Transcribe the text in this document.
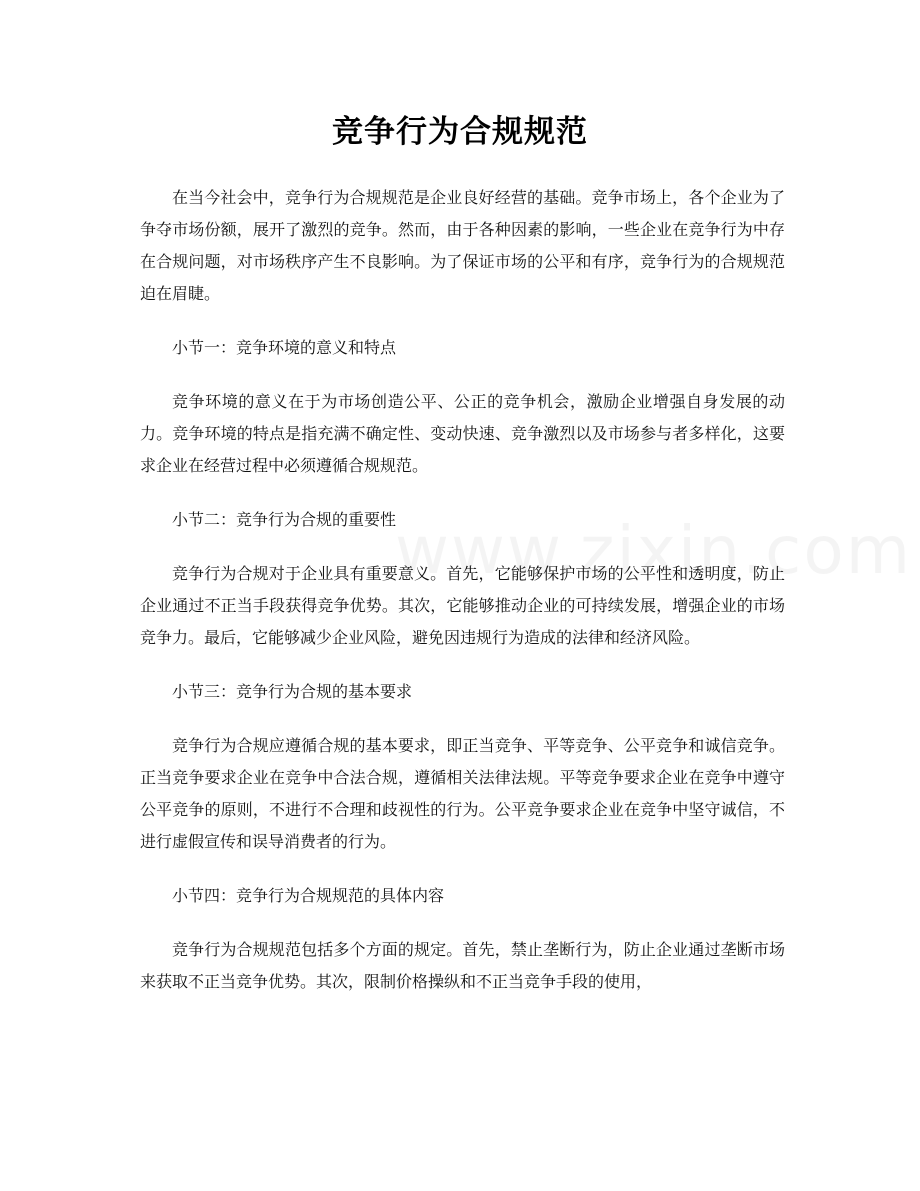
竞争行为合规规范

在当今社会中，竞争行为合规规范是企业良好经营的基础。竞争市场上，各个企业为了争夺市场份额，展开了激烈的竞争。然而，由于各种因素的影响，一些企业在竞争行为中存在合规问题，对市场秩序产生不良影响。为了保证市场的公平和有序，竞争行为的合规规范迫在眉睫。

小节一：竞争环境的意义和特点

竞争环境的意义在于为市场创造公平、公正的竞争机会，激励企业增强自身发展的动力。竞争环境的特点是指充满不确定性、变动快速、竞争激烈以及市场参与者多样化，这要求企业在经营过程中必须遵循合规规范。

小节二：竞争行为合规的重要性

竞争行为合规对于企业具有重要意义。首先，它能够保护市场的公平性和透明度，防止企业通过不正当手段获得竞争优势。其次，它能够推动企业的可持续发展，增强企业的市场竞争力。最后，它能够减少企业风险，避免因违规行为造成的法律和经济风险。

小节三：竞争行为合规的基本要求

竞争行为合规应遵循合规的基本要求，即正当竞争、平等竞争、公平竞争和诚信竞争。正当竞争要求企业在竞争中合法合规，遵循相关法律法规。平等竞争要求企业在竞争中遵守公平竞争的原则，不进行不合理和歧视性的行为。公平竞争要求企业在竞争中坚守诚信，不进行虚假宣传和误导消费者的行为。

小节四：竞争行为合规规范的具体内容

竞争行为合规规范包括多个方面的规定。首先，禁止垄断行为，防止企业通过垄断市场来获取不正当竞争优势。其次，限制价格操纵和不正当竞争手段的使用，
